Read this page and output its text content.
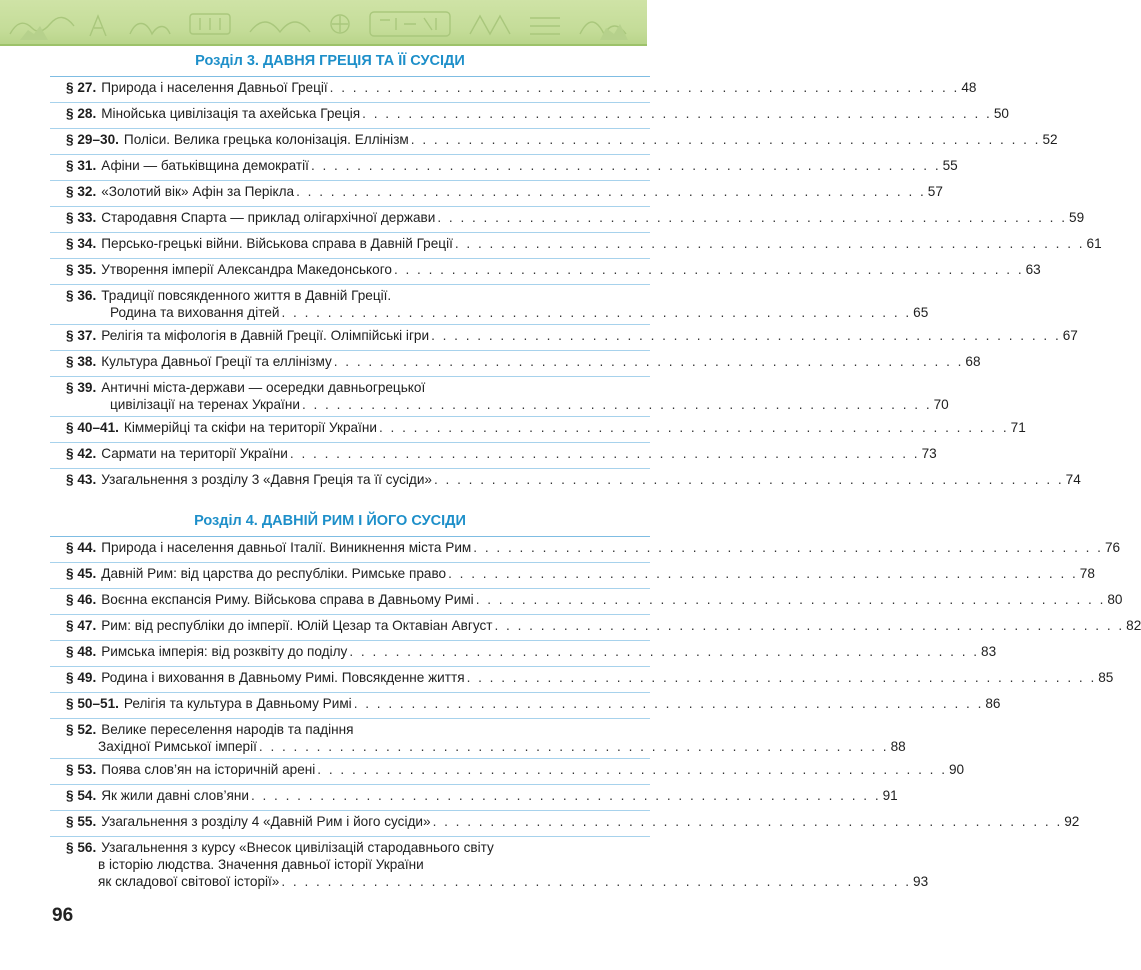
Розділ 3. ДАВНЯ ГРЕЦІЯ ТА ЇЇ СУСІДИ
§ 27. Природа і населення Давньої Греції . . . . . . . . . . . . . . . . . . . . . . . . . . . . . . . . . . . . . . . . . . . . . . . . . . . . . . . 48
§ 28. Мінойська цивілізація та ахейська Греція . . . . . . . . . . . . . . . . . . . . . . . . . . . . . . . . . . . . . . . . . . . . . . . . . . . . . . . 50
§ 29–30. Поліси. Велика грецька колонізація. Еллінізм . . . . . . . . . . . . . . . . . . . . . . . . . . . . . . . . . . . . . . . . . . . . . . . . . . . . . . . 52
§ 31. Афіни — батьківщина демократії . . . . . . . . . . . . . . . . . . . . . . . . . . . . . . . . . . . . . . . . . . . . . . . . . . . . . . . 55
§ 32. «Золотий вік» Афін за Перікла . . . . . . . . . . . . . . . . . . . . . . . . . . . . . . . . . . . . . . . . . . . . . . . . . . . . . . . 57
§ 33. Стародавня Спарта — приклад олігархічної держави . . . . . . . . . . . . . . . . . . . . . . . . . . . . . . . . . . . . . . . . . . . . . . . . . . . . . . . 59
§ 34. Персько-грецькі війни. Військова справа в Давній Греції . . . . . . . . . . . . . . . . . . . . . . . . . . . . . . . . . . . . . . . . . . . . . . . . . . . . . . . 61
§ 35. Утворення імперії Александра Македонського . . . . . . . . . . . . . . . . . . . . . . . . . . . . . . . . . . . . . . . . . . . . . . . . . . . . . . . 63
§ 36. Традиції повсякденного життя в Давній Греції.
Родина та виховання дітей . . . . . . . . . . . . . . . . . . . . . . . . . . . . . . . . . . . . . . . . . . . . . . . . . . . . . . . 65
§ 37. Релігія та міфологія в Давній Греції. Олімпійські ігри . . . . . . . . . . . . . . . . . . . . . . . . . . . . . . . . . . . . . . . . . . . . . . . . . . . . . . . 67
§ 38. Культура Давньої Греції та еллінізму . . . . . . . . . . . . . . . . . . . . . . . . . . . . . . . . . . . . . . . . . . . . . . . . . . . . . . . 68
§ 39. Античні міста-держави — осередки давньогрецької
цивілізації на теренах України . . . . . . . . . . . . . . . . . . . . . . . . . . . . . . . . . . . . . . . . . . . . . . . . . . . . . . . 70
§ 40–41. Кіммерійці та скіфи на території України . . . . . . . . . . . . . . . . . . . . . . . . . . . . . . . . . . . . . . . . . . . . . . . . . . . . . . . 71
§ 42. Сармати на території України . . . . . . . . . . . . . . . . . . . . . . . . . . . . . . . . . . . . . . . . . . . . . . . . . . . . . . . 73
§ 43. Узагальнення з розділу 3 «Давня Греція та її сусіди» . . . . . . . . . . . . . . . . . . . . . . . . . . . . . . . . . . . . . . . . . . . . . . . . . . . . . . . 74
Розділ 4. ДАВНІЙ РИМ І ЙОГО СУСІДИ
§ 44. Природа і населення давньої Італії. Виникнення міста Рим . . . . . . . . . . . . . . . . . . . . . . . . . . . . . . . . . . . . . . . . . . . . . . . . . . . . . . . 76
§ 45. Давній Рим: від царства до республіки. Римське право . . . . . . . . . . . . . . . . . . . . . . . . . . . . . . . . . . . . . . . . . . . . . . . . . . . . . . . 78
§ 46. Воєнна експансія Риму. Військова справа в Давньому Римі . . . . . . . . . . . . . . . . . . . . . . . . . . . . . . . . . . . . . . . . . . . . . . . . . . . . . . . 80
§ 47. Рим: від республіки до імперії. Юлій Цезар та Октавіан Август . . . . . . . . . . . . . . . . . . . . . . . . . . . . . . . . . . . . . . . . . . . . . . . . . . . . . . . 82
§ 48. Римська імперія: від розквіту до поділу . . . . . . . . . . . . . . . . . . . . . . . . . . . . . . . . . . . . . . . . . . . . . . . . . . . . . . . 83
§ 49. Родина і виховання в Давньому Римі. Повсякденне життя . . . . . . . . . . . . . . . . . . . . . . . . . . . . . . . . . . . . . . . . . . . . . . . . . . . . . . . 85
§ 50–51. Релігія та культура в Давньому Римі . . . . . . . . . . . . . . . . . . . . . . . . . . . . . . . . . . . . . . . . . . . . . . . . . . . . . . . 86
§ 52. Велике переселення народів та падіння
Західної Римської імперії . . . . . . . . . . . . . . . . . . . . . . . . . . . . . . . . . . . . . . . . . . . . . . . . . . . . . . . 88
§ 53. Поява слов’ян на історичній арені . . . . . . . . . . . . . . . . . . . . . . . . . . . . . . . . . . . . . . . . . . . . . . . . . . . . . . . 90
§ 54. Як жили давні слов’яни . . . . . . . . . . . . . . . . . . . . . . . . . . . . . . . . . . . . . . . . . . . . . . . . . . . . . . . 91
§ 55. Узагальнення з розділу 4 «Давній Рим і його сусіди» . . . . . . . . . . . . . . . . . . . . . . . . . . . . . . . . . . . . . . . . . . . . . . . . . . . . . . . 92
§ 56. Узагальнення з курсу «Внесок цивілізацій стародавнього світу
в історію людства. Значення давньої історії України
як складової світової історії» . . . . . . . . . . . . . . . . . . . . . . . . . . . . . . . . . . . . . . . . . . . . . . . . . . . . . . . 93
96
